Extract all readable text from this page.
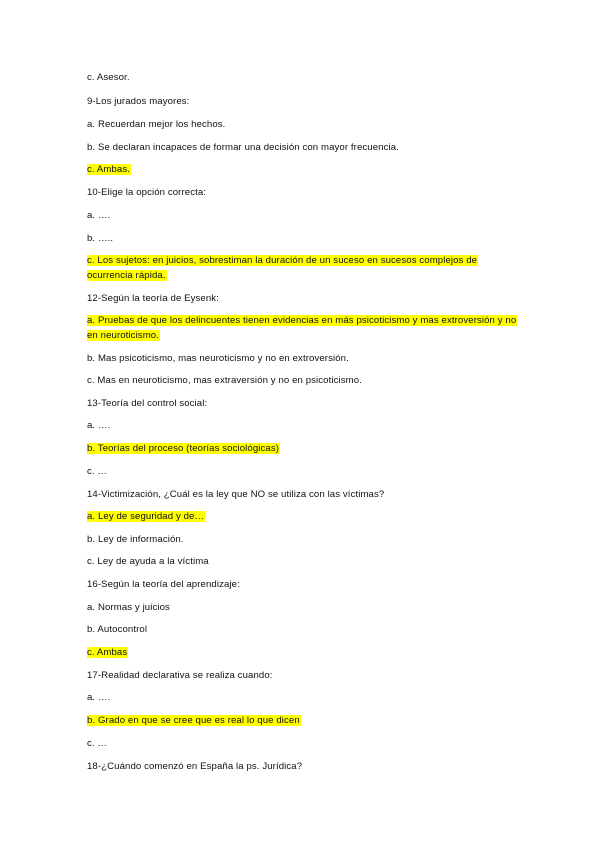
c. Asesor.
9-Los jurados mayores:
a. Recuerdan mejor los hechos.
b. Se declaran incapaces de formar una decisión con mayor frecuencia.
c. Ambas.
10-Elige la opción correcta:
a. ….
b. …..
c. Los sujetos: en juicios, sobrestiman la duración de un suceso en sucesos complejos de ocurrencia rápida.
12-Según la teoría de Eysenk:
a. Pruebas de que los delincuentes tienen evidencias en más psicoticismo y mas extroversión y no en neuroticismo.
b. Mas psicoticismo, mas neuroticismo y no en extroversión.
c. Mas en neuroticismo, mas extraversión y no en psicoticismo.
13-Teoría del control social:
a. ….
b. Teorías del proceso (teorías sociológicas)
c. …
14-Victimización, ¿Cuál es la ley que NO se utiliza con las víctimas?
a. Ley de seguridad y de…
b. Ley de información.
c. Ley de ayuda a la víctima
16-Según la teoría del aprendizaje:
a. Normas y juicios
b. Autocontrol
c. Ambas
17-Realidad declarativa se realiza cuando:
a. ….
b. Grado en que se cree que es real lo que dicen
c. …
18-¿Cuándo comenzó en España la ps. Jurídica?
